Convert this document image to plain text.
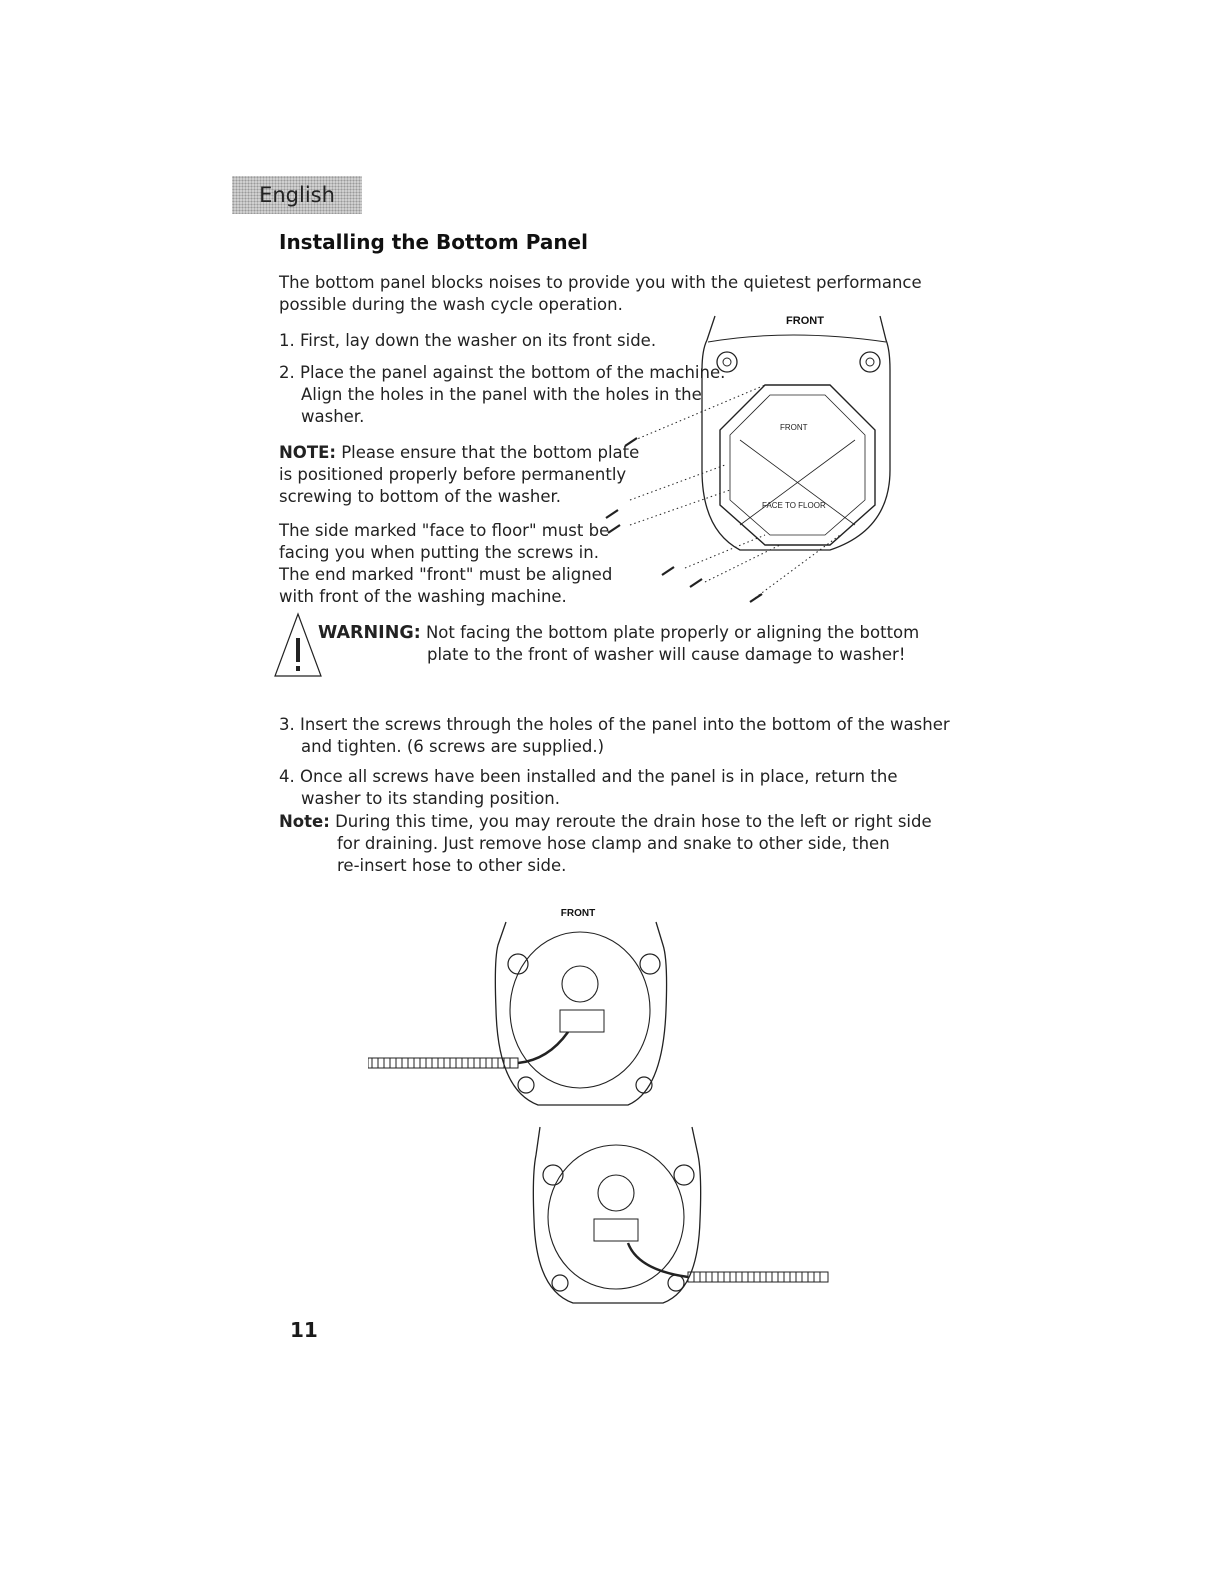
English
Installing the Bottom Panel
The bottom panel blocks noises to provide you with the quietest performance
possible during the wash cycle operation.
1. First, lay down the washer on its front side.
2. Place the panel against the bottom of the machine.
Align the holes in the panel with the holes in the
washer.
NOTE: Please ensure that the bottom plate
is positioned properly before permanently
screwing to bottom of the washer.
The side marked "face to floor" must be
facing you when putting the screws in.
The end marked "front" must be aligned
with front of the washing machine.
WARNING: Not facing the bottom plate properly or aligning the bottom
plate to the front of washer will cause damage to washer!
3. Insert the screws through the holes of the panel into the bottom of the washer
and tighten. (6 screws are supplied.)
4. Once all screws have been installed and the panel is in place, return the
washer to its standing position.
Note: During this time, you may reroute the drain hose to the left or right side
for draining. Just remove hose clamp and snake to other side, then
re-insert hose to other side.
FRONT
FRONT
FACE TO FLOOR
FRONT
11
